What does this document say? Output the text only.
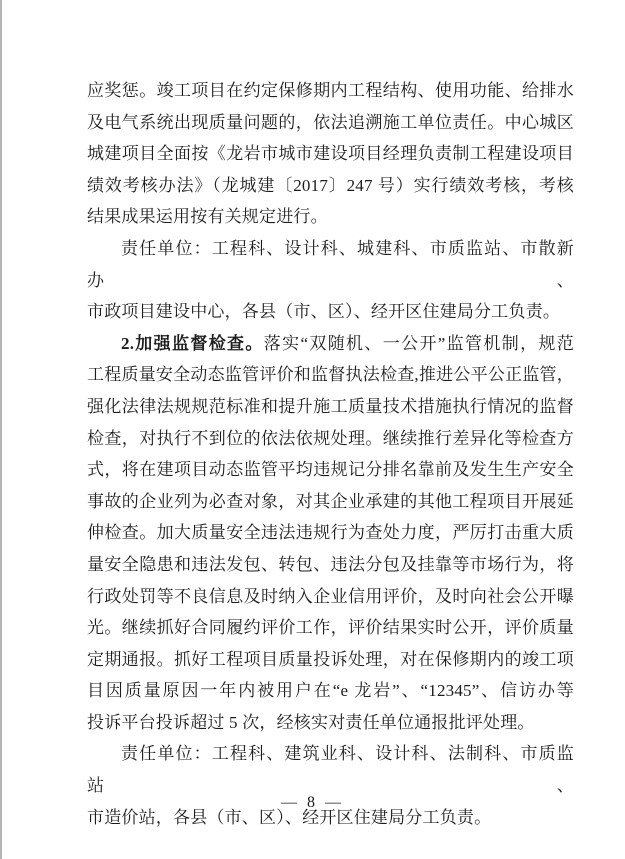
应奖惩。竣工项目在约定保修期内工程结构、使用功能、给排水
及电气系统出现质量问题的，依法追溯施工单位责任。中心城区
城建项目全面按《龙岩市城市建设项目经理负责制工程建设项目
绩效考核办法》（龙城建〔2017〕247 号）实行绩效考核，考核
结果成果运用按有关规定进行。
责任单位：工程科、设计科、城建科、市质监站、市散新办、
市政项目建设中心，各县（市、区）、经开区住建局分工负责。
2.加强监督检查。落实“双随机、一公开”监管机制，规范
工程质量安全动态监管评价和监督执法检查,推进公平公正监管，
强化法律法规规范标准和提升施工质量技术措施执行情况的监督
检查，对执行不到位的依法依规处理。继续推行差异化等检查方
式，将在建项目动态监管平均违规记分排名靠前及发生生产安全
事故的企业列为必查对象，对其企业承建的其他工程项目开展延
伸检查。加大质量安全违法违规行为查处力度，严厉打击重大质
量安全隐患和违法发包、转包、违法分包及挂靠等市场行为，将
行政处罚等不良信息及时纳入企业信用评价，及时向社会公开曝
光。继续抓好合同履约评价工作，评价结果实时公开，评价质量
定期通报。抓好工程项目质量投诉处理，对在保修期内的竣工项
目因质量原因一年内被用户在“e 龙岩”、“12345”、信访办等
投诉平台投诉超过 5 次，经核实对责任单位通报批评处理。
责任单位：工程科、建筑业科、设计科、法制科、市质监站、
市造价站，各县（市、区）、经开区住建局分工负责。
— 8 —
